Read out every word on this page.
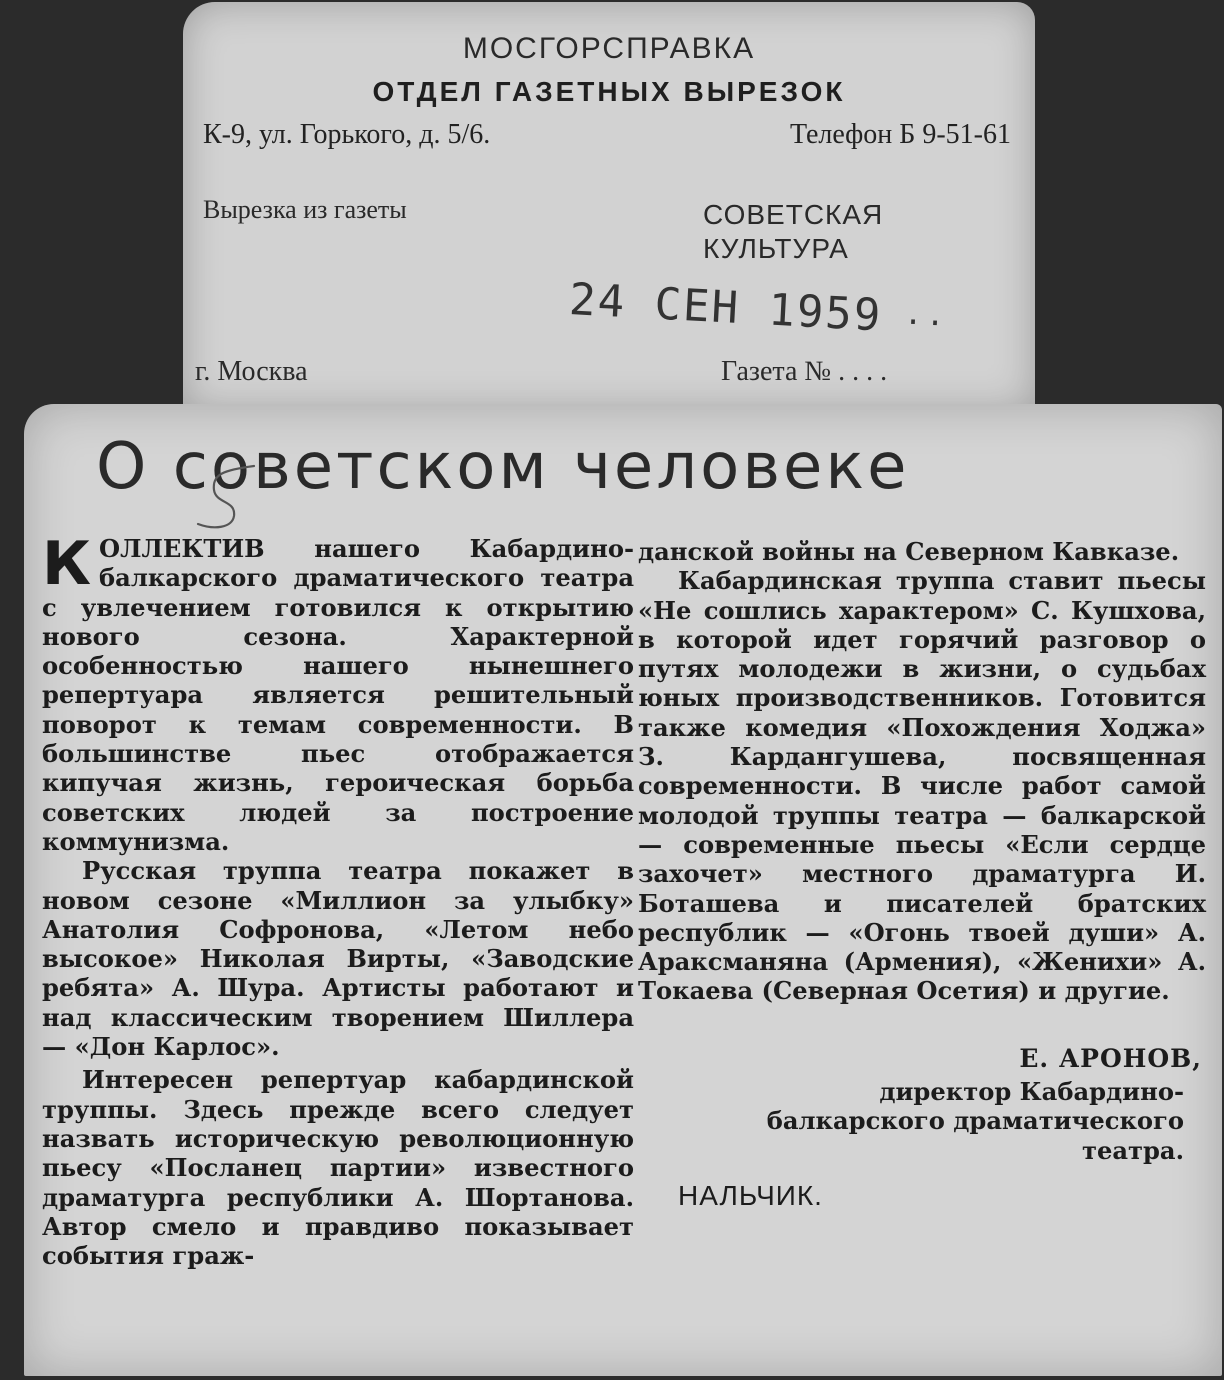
МОСГОРСПРАВКА
ОТДЕЛ ГАЗЕТНЫХ ВЫРЕЗОК
К-9, ул. Горького, д. 5/6.	Телефон Б 9-51-61
Вырезка из газеты	СОВЕТСКАЯ
КУЛЬТУРА
24 СЕН 1959 ··
г. Москва	Газета № . . . .
О советском человеке

КОЛЛЕКТИВ нашего Кабардино-балкарского драматического театра с увлечением готовился к открытию нового сезона. Характерной особенностью нашего нынешнего репертуара является решительный поворот к темам современности. В большинстве пьес отображается кипучая жизнь, героическая борьба советских людей за построение коммунизма.

Русская труппа театра покажет в новом сезоне «Миллион за улыбку» Анатолия Софронова, «Летом небо высокое» Николая Вирты, «Заводские ребята» А. Шура. Артисты работают и над классическим творением Шиллера — «Дон Карлос».

Интересен репертуар кабардинской труппы. Здесь прежде всего следует назвать историческую революционную пьесу «Посланец партии» известного драматурга республики А. Шортанова. Автор смело и правдиво показывает события граж-

данской войны на Северном Кавказе.

Кабардинская труппа ставит пьесы «Не сошлись характером» С. Кушхова, в которой идет горячий разговор о путях молодежи в жизни, о судьбах юных производственников. Готовится также комедия «Похождения Ходжа» З. Кардангушева, посвященная современности. В числе работ самой молодой труппы театра — балкарской — современные пьесы «Если сердце захочет» местного драматурга И. Боташева и писателей братских республик — «Огонь твоей души» А. Араксманяна (Армения), «Женихи» А. Токаева (Северная Осетия) и другие.

Е. АРОНОВ,
директор Кабардино-
балкарского драматического
театра.
НАЛЬЧИК.
